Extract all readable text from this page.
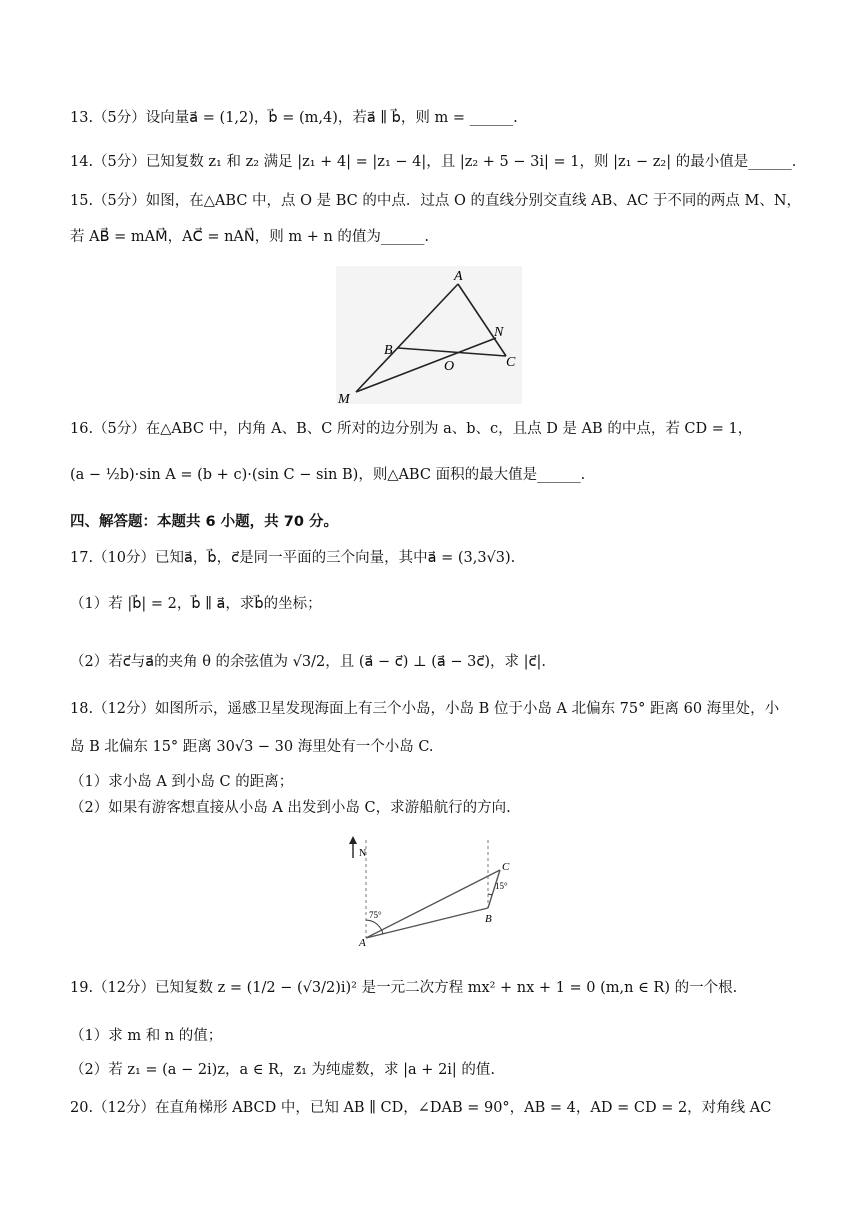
13.（5分）设向量a⃗ = (1,2)，b⃗ = (m,4)，若a⃗ ∥ b⃗，则 m = ______.
14.（5分）已知复数 z₁ 和 z₂ 满足 |z₁ + 4| = |z₁ − 4|，且 |z₂ + 5 − 3i| = 1，则 |z₁ − z₂| 的最小值是______.
15.（5分）如图，在△ABC 中，点 O 是 BC 的中点．过点 O 的直线分别交直线 AB、AC 于不同的两点 M、N，
若 AB⃗ = mAM⃗，AC⃗ = nAN⃗，则 m + n 的值为______.
A
B
C
N
O
M
16.（5分）在△ABC 中，内角 A、B、C 所对的边分别为 a、b、c，且点 D 是 AB 的中点，若 CD = 1，
(a − ½b)·sin A = (b + c)·(sin C − sin B)，则△ABC 面积的最大值是______.
四、解答题：本题共 6 小题，共 70 分。
17.（10分）已知a⃗，b⃗，c⃗是同一平面的三个向量，其中a⃗ = (3,3√3).
（1）若 |b⃗| = 2，b⃗ ∥ a⃗，求b⃗的坐标；
（2）若c⃗与a⃗的夹角 θ 的余弦值为 √3/2，且 (a⃗ − c⃗) ⊥ (a⃗ − 3c⃗)，求 |c⃗|.
18.（12分）如图所示，遥感卫星发现海面上有三个小岛，小岛 B 位于小岛 A 北偏东 75° 距离 60 海里处，小
岛 B 北偏东 15° 距离 30√3 − 30 海里处有一个小岛 C.
（1）求小岛 A 到小岛 C 的距离；
（2）如果有游客想直接从小岛 A 出发到小岛 C，求游船航行的方向.
N
75°
15°
A
B
C
19.（12分）已知复数 z = (1/2 − (√3/2)i)² 是一元二次方程 mx² + nx + 1 = 0 (m,n ∈ R) 的一个根.
（1）求 m 和 n 的值；
（2）若 z₁ = (a − 2i)z，a ∈ R，z₁ 为纯虚数，求 |a + 2i| 的值.
20.（12分）在直角梯形 ABCD 中，已知 AB ∥ CD，∠DAB = 90°，AB = 4，AD = CD = 2，对角线 AC
